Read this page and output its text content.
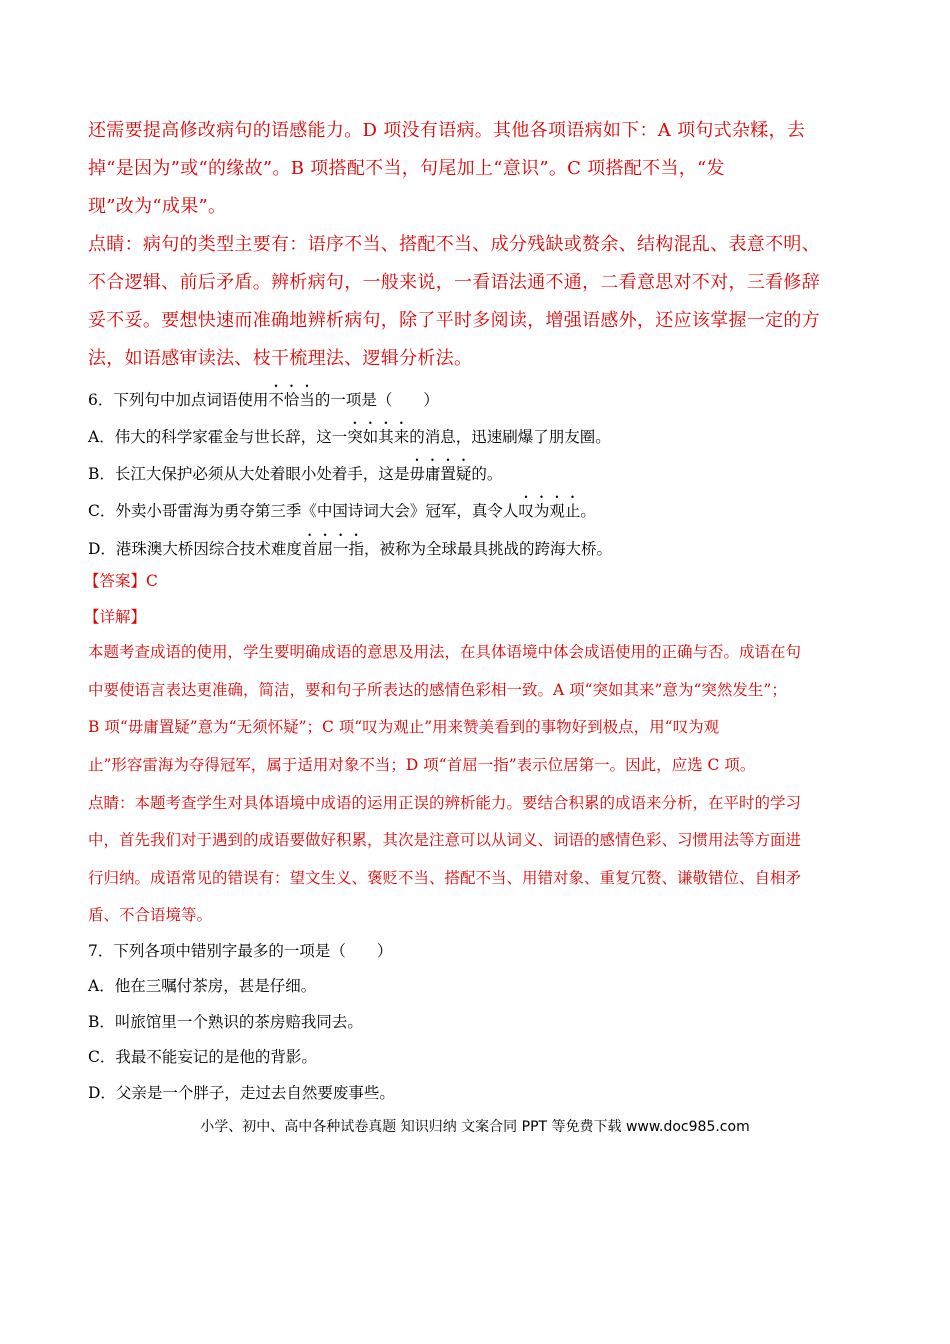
还需要提高修改病句的语感能力。D 项没有语病。其他各项语病如下：A 项句式杂糅，去
掉“是因为”或“的缘故”。B 项搭配不当，句尾加上“意识”。C 项搭配不当，“发
现”改为“成果”。
点睛：病句的类型主要有：语序不当、搭配不当、成分残缺或赘余、结构混乱、表意不明、
不合逻辑、前后矛盾。辨析病句，一般来说，一看语法通不通，二看意思对不对，三看修辞
妥不妥。要想快速而准确地辨析病句，除了平时多阅读，增强语感外，还应该掌握一定的方
法，如语感审读法、枝干梳理法、逻辑分析法。
6．下列句中加点词语使用不恰当的一项是（　　）
A．伟大的科学家霍金与世长辞，这一突如其来的消息，迅速刷爆了朋友圈。
B．长江大保护必须从大处着眼小处着手，这是毋庸置疑的。
C．外卖小哥雷海为勇夺第三季《中国诗词大会》冠军，真令人叹为观止。
D．港珠澳大桥因综合技术难度首屈一指，被称为全球最具挑战的跨海大桥。
【答案】C
【详解】
本题考查成语的使用，学生要明确成语的意思及用法，在具体语境中体会成语使用的正确与否。成语在句
中要使语言表达更准确，简洁，要和句子所表达的感情色彩相一致。A 项“突如其来”意为“突然发生”；
B 项“毋庸置疑”意为“无须怀疑”；C 项“叹为观止”用来赞美看到的事物好到极点，用“叹为观
止”形容雷海为夺得冠军，属于适用对象不当；D 项“首屈一指”表示位居第一。因此，应选 C 项。
点睛：本题考查学生对具体语境中成语的运用正误的辨析能力。要结合积累的成语来分析，在平时的学习
中，首先我们对于遇到的成语要做好积累，其次是注意可以从词义、词语的感情色彩、习惯用法等方面进
行归纳。成语常见的错误有：望文生义、褒贬不当、搭配不当、用错对象、重复冗赘、谦敬错位、自相矛
盾、不合语境等。
7．下列各项中错别字最多的一项是（　　）
A．他在三嘱付茶房，甚是仔细。
B．叫旅馆里一个熟识的茶房赔我同去。
C．我最不能妄记的是他的背影。
D．父亲是一个胖子，走过去自然要废事些。
小学、初中、高中各种试卷真题 知识归纳 文案合同 PPT 等免费下载 www.doc985.com
